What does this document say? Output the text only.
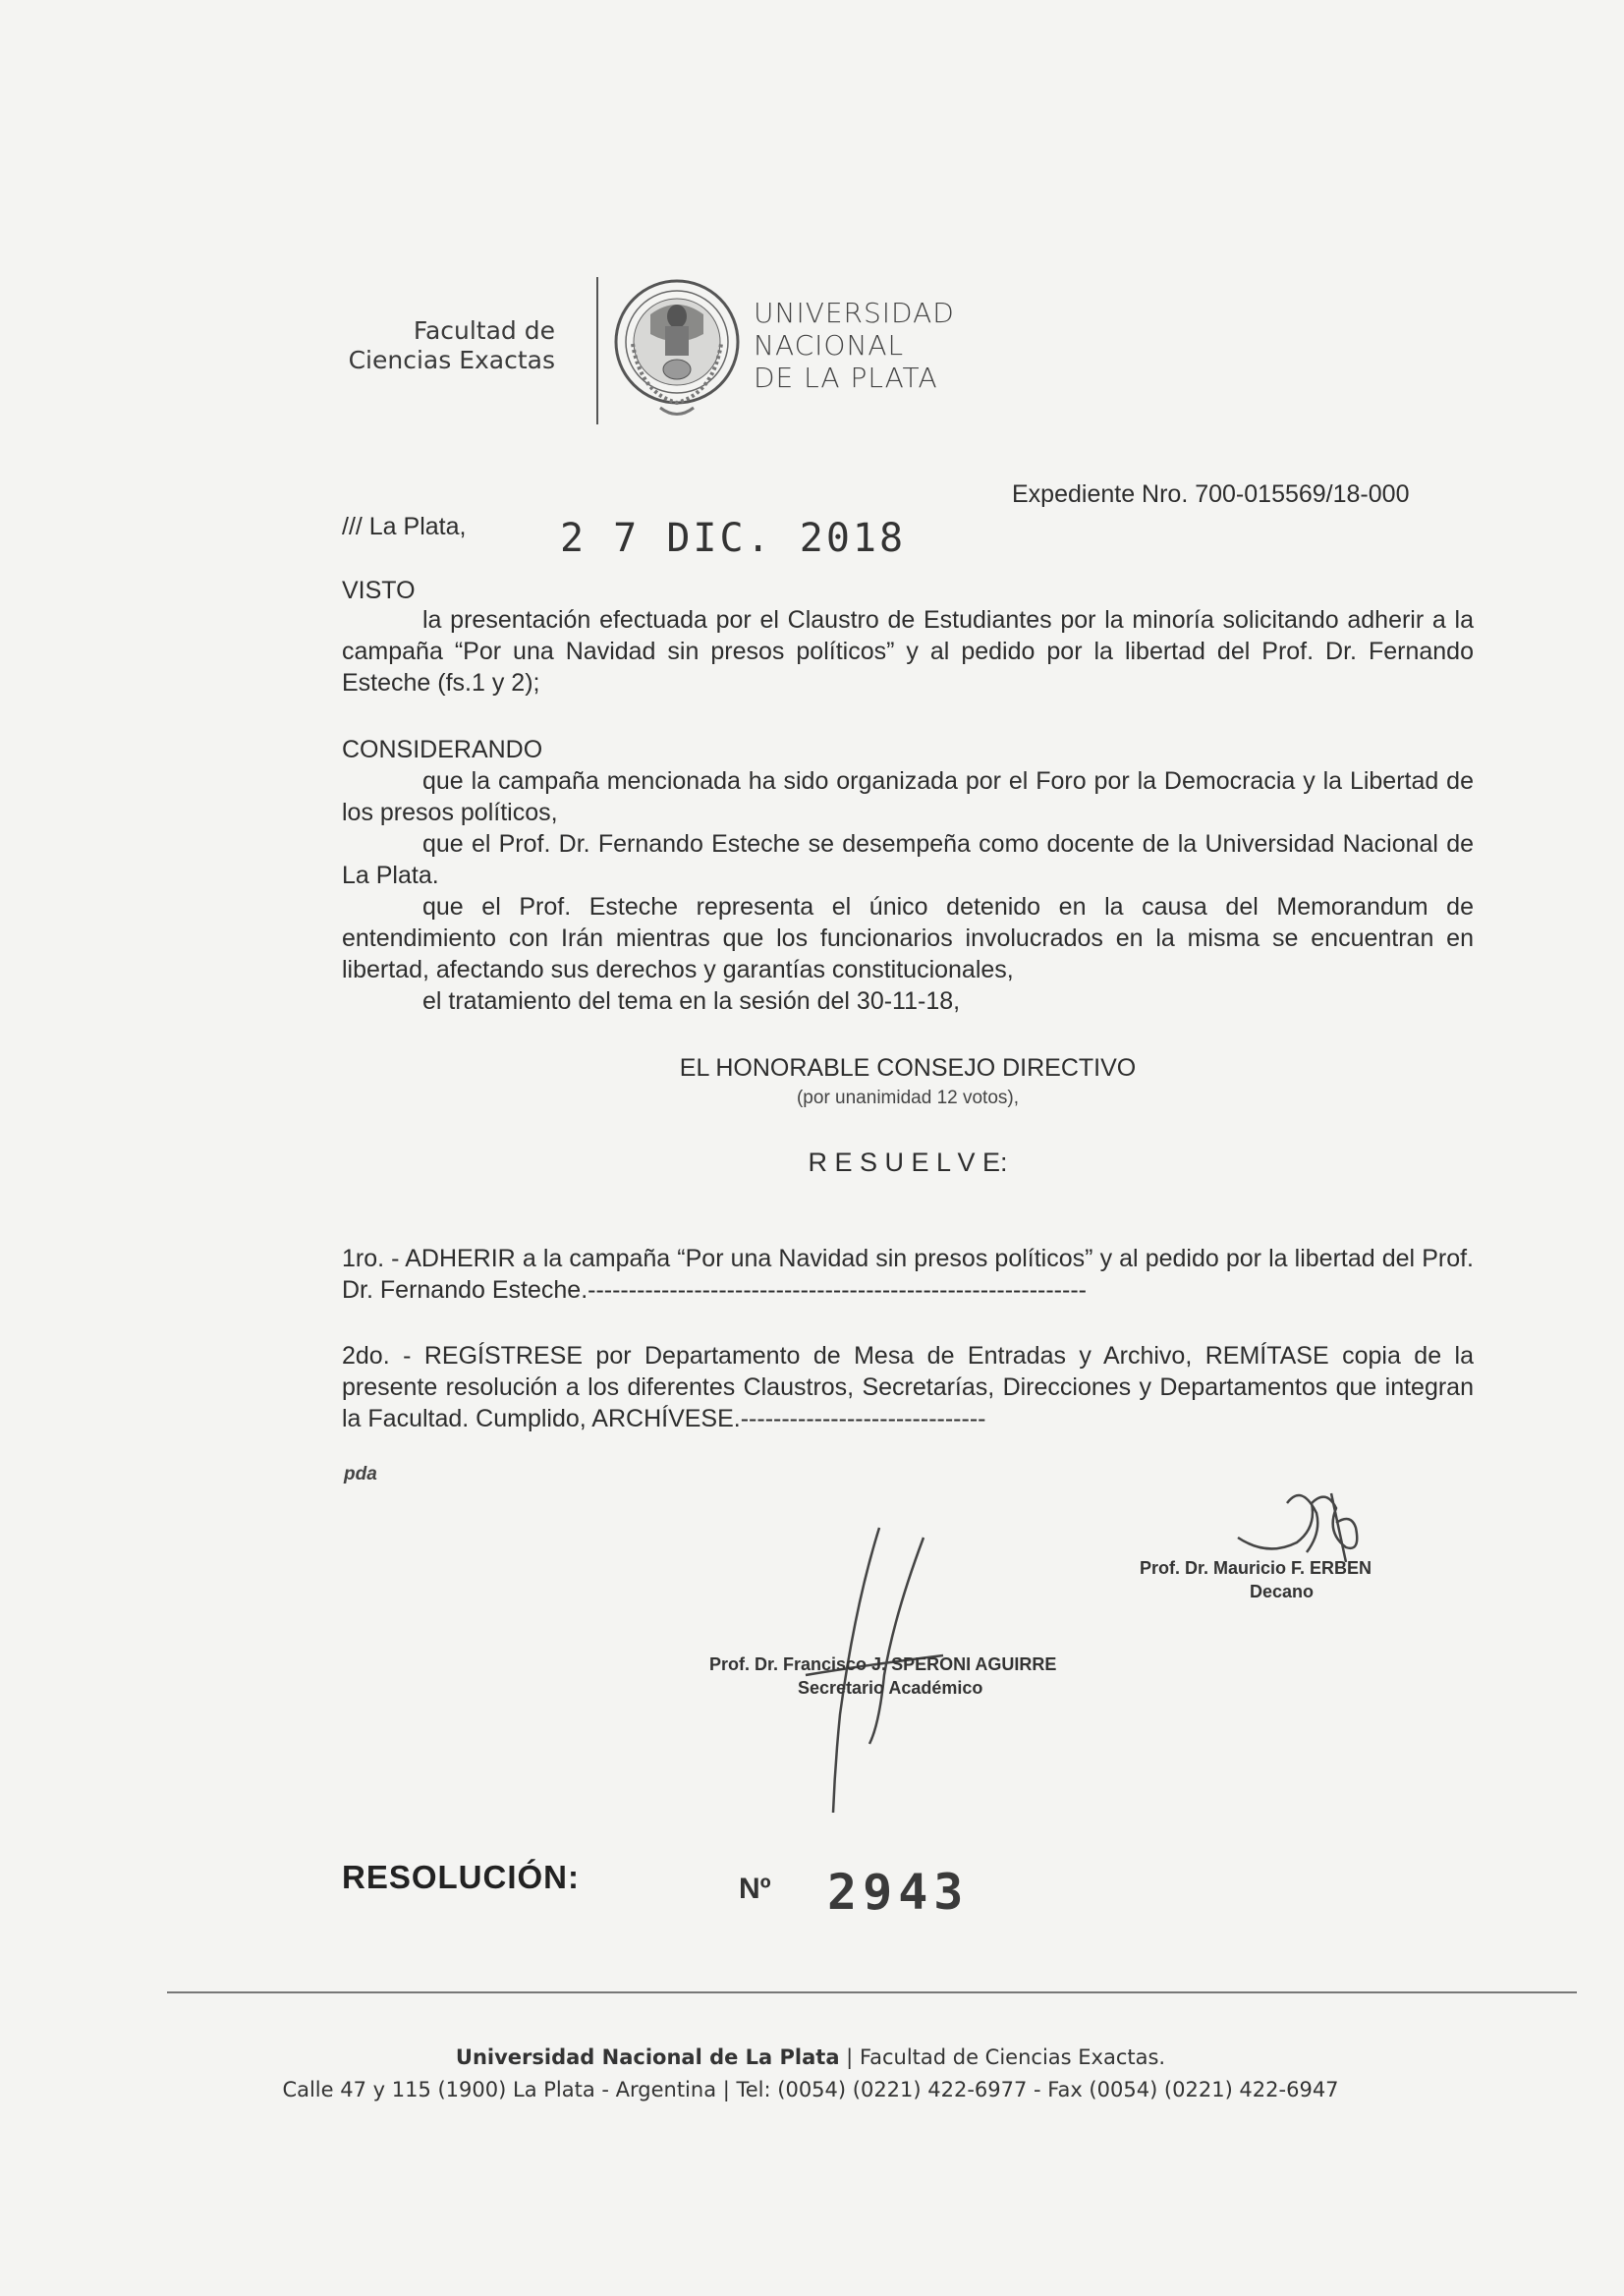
Facultad de
Ciencias Exactas
UNIVERSIDAD
NACIONAL
DE LA PLATA
Expediente Nro. 700-015569/18-000
/// La Plata, 2 7 DIC. 2018
VISTO
la presentación efectuada por el Claustro de Estudiantes por la minoría solicitando adherir a la campaña “Por una Navidad sin presos políticos” y al pedido por la libertad del Prof. Dr. Fernando Esteche (fs.1 y 2);
CONSIDERANDO
que la campaña mencionada ha sido organizada por el Foro por la Democracia y la Libertad de los presos políticos,
que el Prof. Dr. Fernando Esteche se desempeña como docente de la Universidad Nacional de La Plata.
que el Prof. Esteche representa el único detenido en la causa del Memorandum de entendimiento con Irán mientras que los funcionarios involucrados en la misma se encuentran en libertad, afectando sus derechos y garantías constitucionales,
el tratamiento del tema en la sesión del 30-11-18,
EL HONORABLE CONSEJO DIRECTIVO
(por unanimidad 12 votos),
R E S U E L V E:
1ro. - ADHERIR a la campaña “Por una Navidad sin presos políticos” y al pedido por la libertad del Prof. Dr. Fernando Esteche.-------------------------------------------------------------
2do. - REGÍSTRESE por Departamento de Mesa de Entradas y Archivo, REMÍTASE copia de la presente resolución a los diferentes Claustros, Secretarías, Direcciones y Departamentos que integran la Facultad. Cumplido, ARCHÍVESE.------------------------------
pda
Prof. Dr. Mauricio F. ERBEN
Decano
Prof. Dr. Francisco J. SPERONI AGUIRRE
Secretario Académico
RESOLUCIÓN:	Nº 2943
Universidad Nacional de La Plata | Facultad de Ciencias Exactas.
Calle 47 y 115 (1900) La Plata - Argentina | Tel: (0054) (0221) 422-6977 - Fax (0054) (0221) 422-6947
